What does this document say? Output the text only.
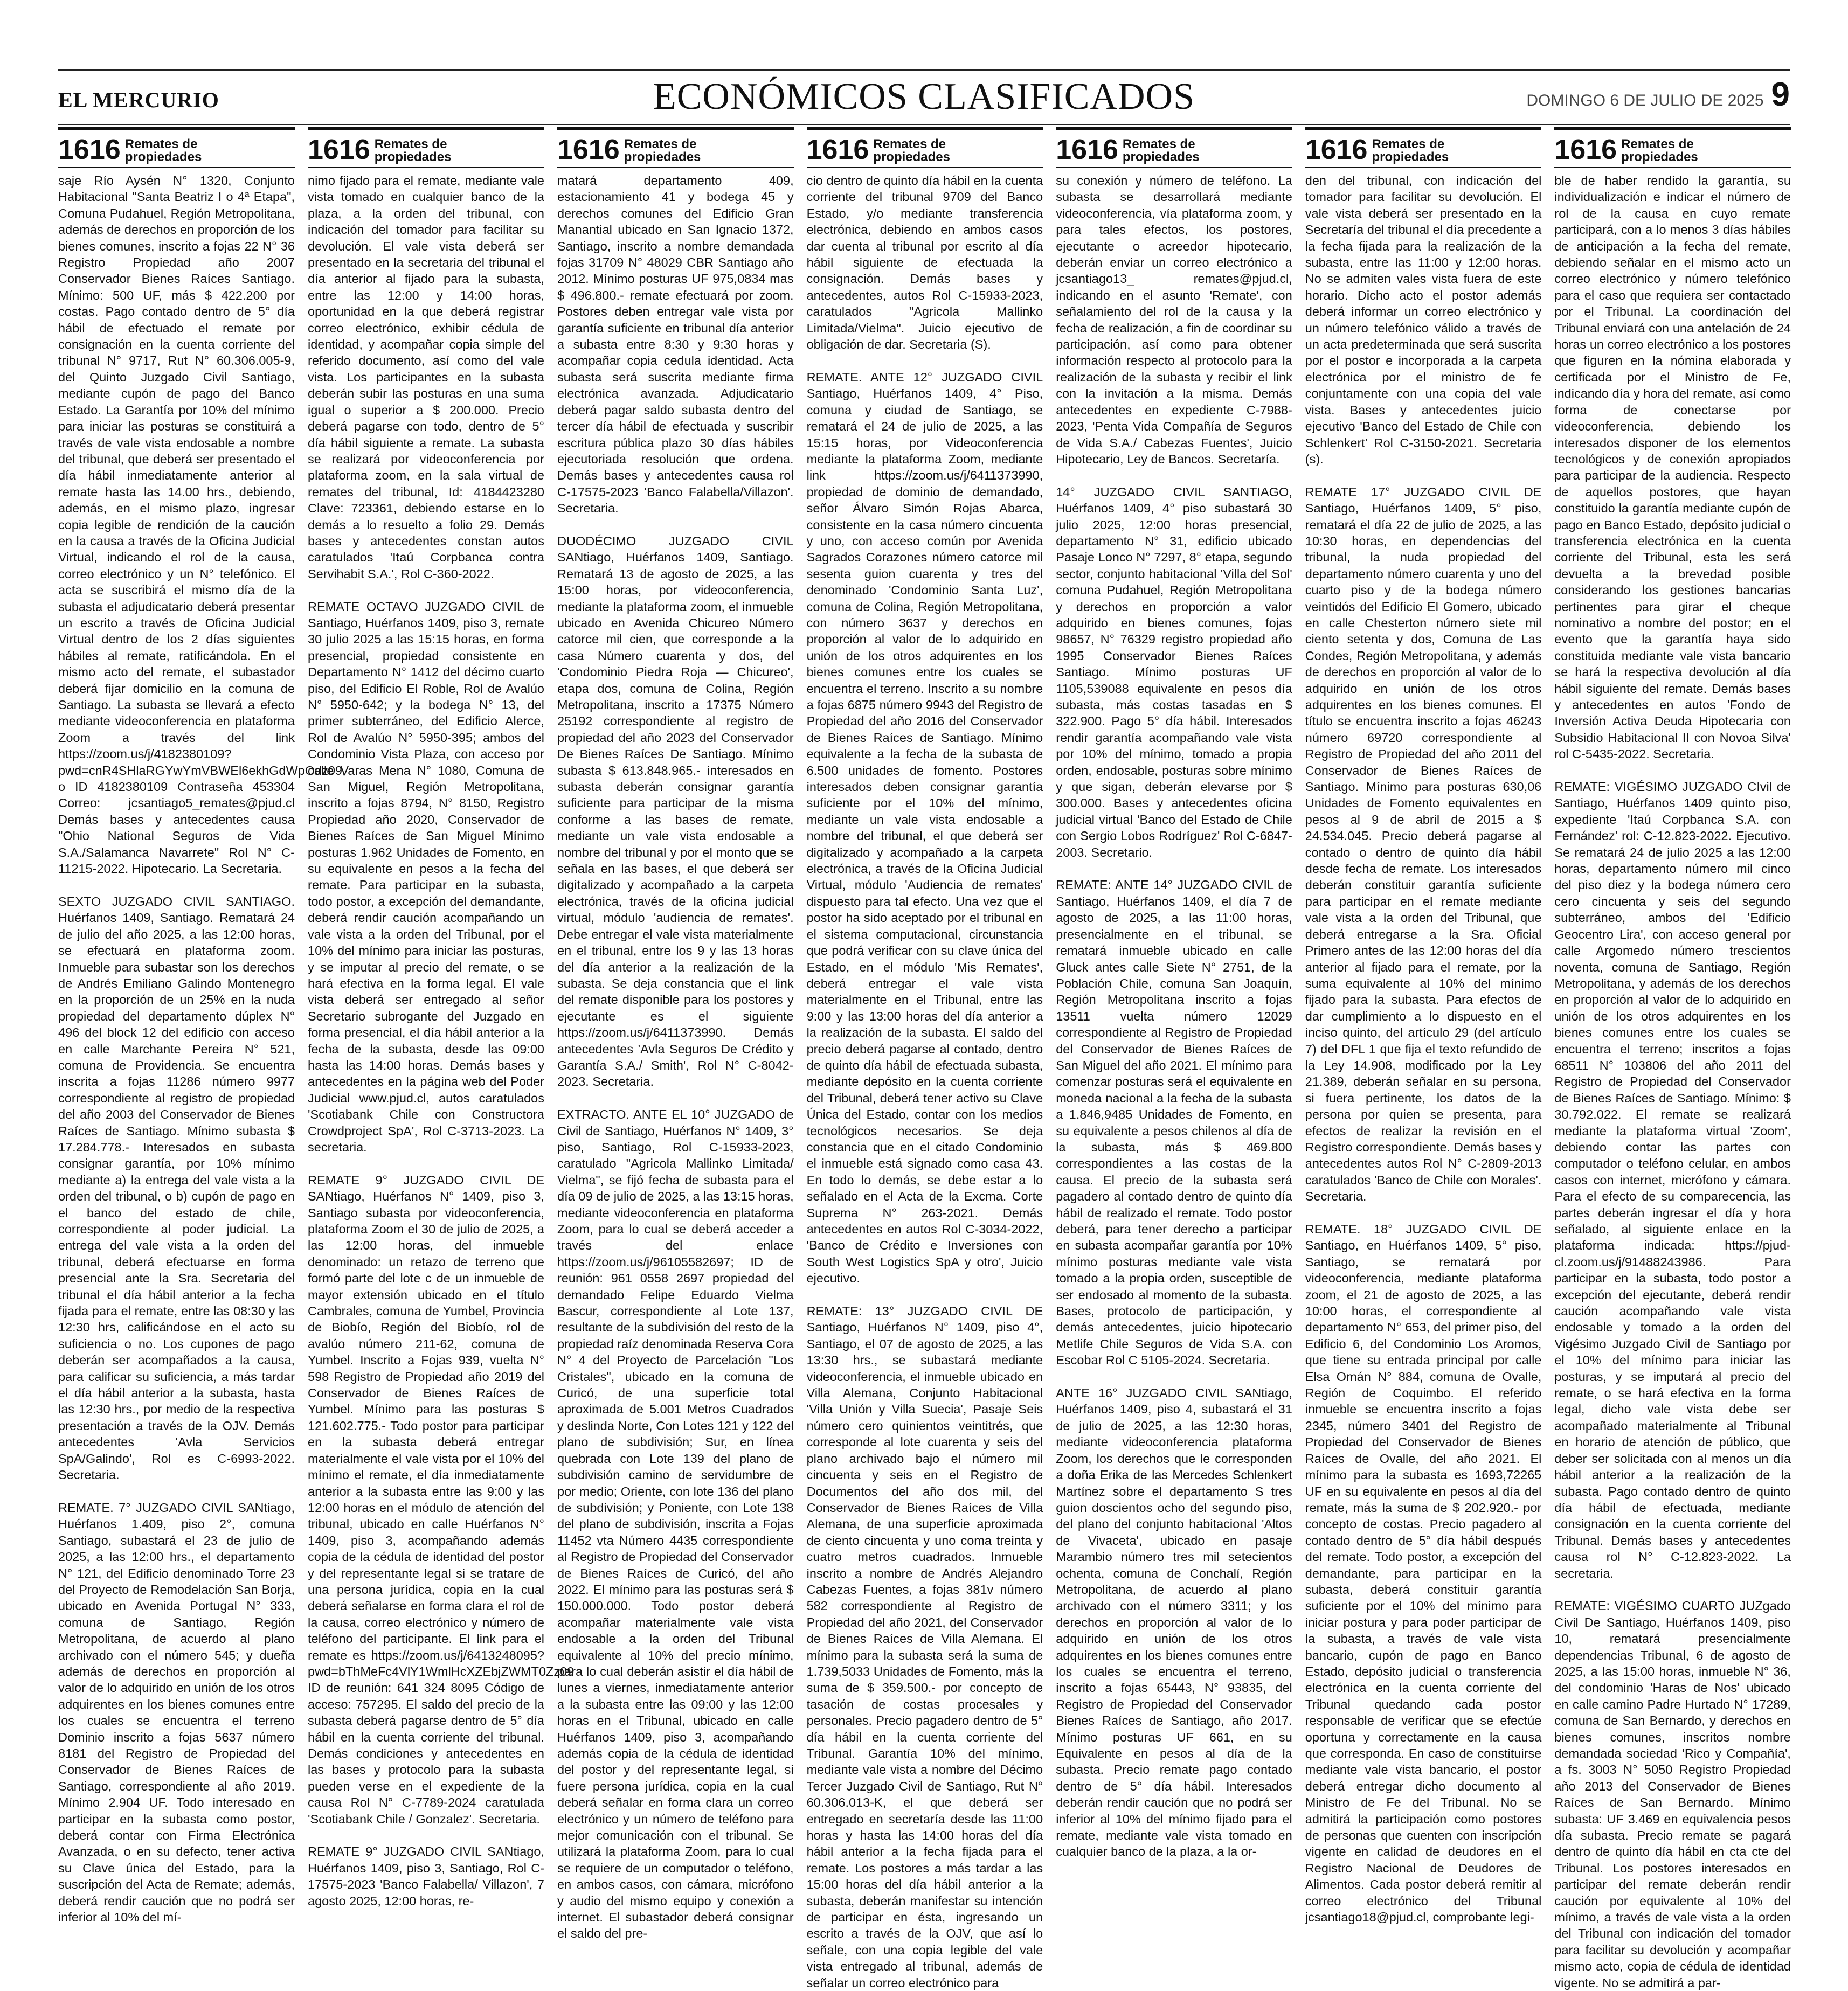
EL MERCURIO	ECONÓMICOS CLASIFICADOS	DOMINGO 6 DE JULIO DE 2025 9
1616 Remates de
propiedades

saje Río Aysén N° 1320, Conjunto Habitacional "Santa Beatriz I o 4ª Etapa", Comuna Pudahuel, Región Metropolitana, además de derechos en proporción de los bienes comunes, inscrito a fojas 22 N° 36 Registro Propiedad año 2007 Conservador Bienes Raíces Santiago. Mínimo: 500 UF, más $ 422.200 por costas. Pago contado dentro de 5° día hábil de efectuado el remate por consignación en la cuenta corriente del tribunal N° 9717, Rut N° 60.306.005-9, del Quinto Juzgado Civil Santiago, mediante cupón de pago del Banco Estado. La Garantía por 10% del mínimo para iniciar las posturas se constituirá a través de vale vista endosable a nombre del tribunal, que deberá ser presentado el día hábil inmediatamente anterior al remate hasta las 14.00 hrs., debiendo, además, en el mismo plazo, ingresar copia legible de rendición de la caución en la causa a través de la Oficina Judicial Virtual, indicando el rol de la causa, correo electrónico y un N° telefónico. El acta se suscribirá el mismo día de la subasta el adjudicatario deberá presentar un escrito a través de Oficina Judicial Virtual dentro de los 2 días siguientes hábiles al remate, ratificándola. En el mismo acto del remate, el subastador deberá fijar domicilio en la comuna de Santiago. La subasta se llevará a efecto mediante videoconferencia en plataforma Zoom a través del link https://zoom.us/j/4182380109?pwd=cnR4SHlaRGYwYmVBWEl6ekhGdWpOdz09, o ID 4182380109 Contraseña 453304 Correo: jcsantiago5_remates@pjud.cl Demás bases y antecedentes causa "Ohio National Seguros de Vida S.A./Salamanca Navarrete" Rol N° C-11215-2022. Hipotecario. La Secretaria.

SEXTO JUZGADO CIVIL SANTIAGO. Huérfanos 1409, Santiago. Rematará 24 de julio del año 2025, a las 12:00 horas, se efectuará en plataforma zoom. Inmueble para subastar son los derechos de Andrés Emiliano Galindo Montenegro en la proporción de un 25% en la nuda propiedad del departamento dúplex N° 496 del block 12 del edificio con acceso en calle Marchante Pereira N° 521, comuna de Providencia. Se encuentra inscrita a fojas 11286 número 9977 correspondiente al registro de propiedad del año 2003 del Conservador de Bienes Raíces de Santiago. Mínimo subasta $ 17.284.778.- Interesados en subasta consignar garantía, por 10% mínimo mediante a) la entrega del vale vista a la orden del tribunal, o b) cupón de pago en el banco del estado de chile, correspondiente al poder judicial. La entrega del vale vista a la orden del tribunal, deberá efectuarse en forma presencial ante la Sra. Secretaria del tribunal el día hábil anterior a la fecha fijada para el remate, entre las 08:30 y las 12:30 hrs, calificándose en el acto su suficiencia o no. Los cupones de pago deberán ser acompañados a la causa, para calificar su suficiencia, a más tardar el día hábil anterior a la subasta, hasta las 12:30 hrs., por medio de la respectiva presentación a través de la OJV. Demás antecedentes 'Avla Servicios SpA/Galindo', Rol es C-6993-2022. Secretaria.

REMATE. 7° JUZGADO CIVIL SANtiago, Huérfanos 1.409, piso 2°, comuna Santiago, subastará el 23 de julio de 2025, a las 12:00 hrs., el departamento N° 121, del Edificio denominado Torre 23 del Proyecto de Remodelación San Borja, ubicado en Avenida Portugal N° 333, comuna de Santiago, Región Metropolitana, de acuerdo al plano archivado con el número 545; y dueña además de derechos en proporción al valor de lo adquirido en unión de los otros adquirentes en los bienes comunes entre los cuales se encuentra el terreno Dominio inscrito a fojas 5637 número 8181 del Registro de Propiedad del Conservador de Bienes Raíces de Santiago, correspondiente al año 2019. Mínimo 2.904 UF. Todo interesado en participar en la subasta como postor, deberá contar con Firma Electrónica Avanzada, o en su defecto, tener activa su Clave única del Estado, para la suscripción del Acta de Remate; además, deberá rendir caución que no podrá ser inferior al 10% del mí-

1616 Remates de
propiedades

nimo fijado para el remate, mediante vale vista tomado en cualquier banco de la plaza, a la orden del tribunal, con indicación del tomador para facilitar su devolución. El vale vista deberá ser presentado en la secretaria del tribunal el día anterior al fijado para la subasta, entre las 12:00 y 14:00 horas, oportunidad en la que deberá registrar correo electrónico, exhibir cédula de identidad, y acompañar copia simple del referido documento, así como del vale vista. Los participantes en la subasta deberán subir las posturas en una suma igual o superior a $ 200.000. Precio deberá pagarse con todo, dentro de 5° día hábil siguiente a remate. La subasta se realizará por videoconferencia por plataforma zoom, en la sala virtual de remates del tribunal, Id: 4184423280 Clave: 723361, debiendo estarse en lo demás a lo resuelto a folio 29. Demás bases y antecedentes constan autos caratulados 'Itaú Corpbanca contra Servihabit S.A.', Rol C-360-2022.

REMATE OCTAVO JUZGADO CIVIL de Santiago, Huérfanos 1409, piso 3, remate 30 julio 2025 a las 15:15 horas, en forma presencial, propiedad consistente en Departamento N° 1412 del décimo cuarto piso, del Edificio El Roble, Rol de Avalúo N° 5950-642; y la bodega N° 13, del primer subterráneo, del Edificio Alerce, Rol de Avalúo N° 5950-395; ambos del Condominio Vista Plaza, con acceso por calle Varas Mena N° 1080, Comuna de San Miguel, Región Metropolitana, inscrito a fojas 8794, N° 8150, Registro Propiedad año 2020, Conservador de Bienes Raíces de San Miguel Mínimo posturas 1.962 Unidades de Fomento, en su equivalente en pesos a la fecha del remate. Para participar en la subasta, todo postor, a excepción del demandante, deberá rendir caución acompañando un vale vista a la orden del Tribunal, por el 10% del mínimo para iniciar las posturas, y se imputar al precio del remate, o se hará efectiva en la forma legal. El vale vista deberá ser entregado al señor Secretario subrogante del Juzgado en forma presencial, el día hábil anterior a la fecha de la subasta, desde las 09:00 hasta las 14:00 horas. Demás bases y antecedentes en la página web del Poder Judicial www.pjud.cl, autos caratulados 'Scotiabank Chile con Constructora Crowdproject SpA', Rol C-3713-2023. La secretaria.

REMATE 9° JUZGADO CIVIL DE SANtiago, Huérfanos N° 1409, piso 3, Santiago subasta por videoconferencia, plataforma Zoom el 30 de julio de 2025, a las 12:00 horas, del inmueble denominado: un retazo de terreno que formó parte del lote c de un inmueble de mayor extensión ubicado en el título Cambrales, comuna de Yumbel, Provincia de Biobío, Región del Biobío, rol de avalúo número 211-62, comuna de Yumbel. Inscrito a Fojas 939, vuelta N° 598 Registro de Propiedad año 2019 del Conservador de Bienes Raíces de Yumbel. Mínimo para las posturas $ 121.602.775.- Todo postor para participar en la subasta deberá entregar materialmente el vale vista por el 10% del mínimo el remate, el día inmediatamente anterior a la subasta entre las 9:00 y las 12:00 horas en el módulo de atención del tribunal, ubicado en calle Huérfanos N° 1409, piso 3, acompañando además copia de la cédula de identidad del postor y del representante legal si se tratare de una persona jurídica, copia en la cual deberá señalarse en forma clara el rol de la causa, correo electrónico y número de teléfono del participante. El link para el remate es https://zoom.us/j/6413248095?pwd=bThMeFc4VlY1WmlHcXZEbjZWMT0Zz09 ID de reunión: 641 324 8095 Código de acceso: 757295. El saldo del precio de la subasta deberá pagarse dentro de 5° día hábil en la cuenta corriente del tribunal. Demás condiciones y antecedentes en las bases y protocolo para la subasta pueden verse en el expediente de la causa Rol N° C-7789-2024 caratulada 'Scotiabank Chile / Gonzalez'. Secretaria.

REMATE 9° JUZGADO CIVIL SANtiago, Huérfanos 1409, piso 3, Santiago, Rol C-17575-2023 'Banco Falabella/ Villazon', 7 agosto 2025, 12:00 horas, re-

1616 Remates de
propiedades

matará departamento 409, estacionamiento 41 y bodega 45 y derechos comunes del Edificio Gran Manantial ubicado en San Ignacio 1372, Santiago, inscrito a nombre demandada fojas 31709 N° 48029 CBR Santiago año 2012. Mínimo posturas UF 975,0834 mas $ 496.800.- remate efectuará por zoom. Postores deben entregar vale vista por garantía suficiente en tribunal día anterior a subasta entre 8:30 y 9:30 horas y acompañar copia cedula identidad. Acta subasta será suscrita mediante firma electrónica avanzada. Adjudicatario deberá pagar saldo subasta dentro del tercer día hábil de efectuada y suscribir escritura pública plazo 30 días hábiles ejecutoriada resolución que ordena. Demás bases y antecedentes causa rol C-17575-2023 'Banco Falabella/Villazon'. Secretaria.

DUODÉCIMO JUZGADO CIVIL SANtiago, Huérfanos 1409, Santiago. Rematará 13 de agosto de 2025, a las 15:00 horas, por videoconferencia, mediante la plataforma zoom, el inmueble ubicado en Avenida Chicureo Número catorce mil cien, que corresponde a la casa Número cuarenta y dos, del 'Condominio Piedra Roja — Chicureo', etapa dos, comuna de Colina, Región Metropolitana, inscrito a 17375 Número 25192 correspondiente al registro de propiedad del año 2023 del Conservador De Bienes Raíces De Santiago. Mínimo subasta $ 613.848.965.- interesados en subasta deberán consignar garantía suficiente para participar de la misma conforme a las bases de remate, mediante un vale vista endosable a nombre del tribunal y por el monto que se señala en las bases, el que deberá ser digitalizado y acompañado a la carpeta electrónica, través de la oficina judicial virtual, módulo 'audiencia de remates'. Debe entregar el vale vista materialmente en el tribunal, entre los 9 y las 13 horas del día anterior a la realización de la subasta. Se deja constancia que el link del remate disponible para los postores y ejecutante es el siguiente https://zoom.us/j/6411373990. Demás antecedentes 'Avla Seguros De Crédito y Garantía S.A./ Smith', Rol N° C-8042-2023. Secretaria.

EXTRACTO. ANTE EL 10° JUZGADO de Civil de Santiago, Huérfanos N° 1409, 3° piso, Santiago, Rol C-15933-2023, caratulado "Agricola Mallinko Limitada/ Vielma", se fijó fecha de subasta para el día 09 de julio de 2025, a las 13:15 horas, mediante videoconferencia en plataforma Zoom, para lo cual se deberá acceder a través del enlace https://zoom.us/j/96105582697; ID de reunión: 961 0558 2697 propiedad del demandado Felipe Eduardo Vielma Bascur, correspondiente al Lote 137, resultante de la subdivisión del resto de la propiedad raíz denominada Reserva Cora N° 4 del Proyecto de Parcelación "Los Cristales", ubicado en la comuna de Curicó, de una superficie total aproximada de 5.001 Metros Cuadrados y deslinda Norte, Con Lotes 121 y 122 del plano de subdivisión; Sur, en línea quebrada con Lote 139 del plano de subdivisión camino de servidumbre de por medio; Oriente, con lote 136 del plano de subdivisión; y Poniente, con Lote 138 del plano de subdivisión, inscrita a Fojas 11452 vta Número 4435 correspondiente al Registro de Propiedad del Conservador de Bienes Raíces de Curicó, del año 2022. El mínimo para las posturas será $ 150.000.000. Todo postor deberá acompañar materialmente vale vista endosable a la orden del Tribunal equivalente al 10% del precio mínimo, para lo cual deberán asistir el día hábil de lunes a viernes, inmediatamente anterior a la subasta entre las 09:00 y las 12:00 horas en el Tribunal, ubicado en calle Huérfanos 1409, piso 3, acompañando además copia de la cédula de identidad del postor y del representante legal, si fuere persona jurídica, copia en la cual deberá señalar en forma clara un correo electrónico y un número de teléfono para mejor comunicación con el tribunal. Se utilizará la plataforma Zoom, para lo cual se requiere de un computador o teléfono, en ambos casos, con cámara, micrófono y audio del mismo equipo y conexión a internet. El subastador deberá consignar el saldo del pre-

1616 Remates de
propiedades

cio dentro de quinto día hábil en la cuenta corriente del tribunal 9709 del Banco Estado, y/o mediante transferencia electrónica, debiendo en ambos casos dar cuenta al tribunal por escrito al día hábil siguiente de efectuada la consignación. Demás bases y antecedentes, autos Rol C-15933-2023, caratulados "Agricola Mallinko Limitada/Vielma". Juicio ejecutivo de obligación de dar. Secretaria (S).

REMATE. ANTE 12° JUZGADO CIVIL Santiago, Huérfanos 1409, 4° Piso, comuna y ciudad de Santiago, se rematará el 24 de julio de 2025, a las 15:15 horas, por Videoconferencia mediante la plataforma Zoom, mediante link https://zoom.us/j/6411373990, propiedad de dominio de demandado, señor Álvaro Simón Rojas Abarca, consistente en la casa número cincuenta y uno, con acceso común por Avenida Sagrados Corazones número catorce mil sesenta guion cuarenta y tres del denominado 'Condominio Santa Luz', comuna de Colina, Región Metropolitana, con número 3637 y derechos en proporción al valor de lo adquirido en unión de los otros adquirentes en los bienes comunes entre los cuales se encuentra el terreno. Inscrito a su nombre a fojas 6875 número 9943 del Registro de Propiedad del año 2016 del Conservador de Bienes Raíces de Santiago. Mínimo equivalente a la fecha de la subasta de 6.500 unidades de fomento. Postores interesados deben consignar garantía suficiente por el 10% del mínimo, mediante un vale vista endosable a nombre del tribunal, el que deberá ser digitalizado y acompañado a la carpeta electrónica, a través de la Oficina Judicial Virtual, módulo 'Audiencia de remates' dispuesto para tal efecto. Una vez que el postor ha sido aceptado por el tribunal en el sistema computacional, circunstancia que podrá verificar con su clave única del Estado, en el módulo 'Mis Remates', deberá entregar el vale vista materialmente en el Tribunal, entre las 9:00 y las 13:00 horas del día anterior a la realización de la subasta. El saldo del precio deberá pagarse al contado, dentro de quinto día hábil de efectuada subasta, mediante depósito en la cuenta corriente del Tribunal, deberá tener activo su Clave Única del Estado, contar con los medios tecnológicos necesarios. Se deja constancia que en el citado Condominio el inmueble está signado como casa 43. En todo lo demás, se debe estar a lo señalado en el Acta de la Excma. Corte Suprema N° 263-2021. Demás antecedentes en autos Rol C-3034-2022, 'Banco de Crédito e Inversiones con South West Logistics SpA y otro', Juicio ejecutivo.

REMATE: 13° JUZGADO CIVIL DE Santiago, Huérfanos N° 1409, piso 4°, Santiago, el 07 de agosto de 2025, a las 13:30 hrs., se subastará mediante videoconferencia, el inmueble ubicado en Villa Alemana, Conjunto Habitacional 'Villa Unión y Villa Suecia', Pasaje Seis número cero quinientos veintitrés, que corresponde al lote cuarenta y seis del plano archivado bajo el número mil cincuenta y seis en el Registro de Documentos del año dos mil, del Conservador de Bienes Raíces de Villa Alemana, de una superficie aproximada de ciento cincuenta y uno coma treinta y cuatro metros cuadrados. Inmueble inscrito a nombre de Andrés Alejandro Cabezas Fuentes, a fojas 381v número 582 correspondiente al Registro de Propiedad del año 2021, del Conservador de Bienes Raíces de Villa Alemana. El mínimo para la subasta será la suma de 1.739,5033 Unidades de Fomento, más la suma de $ 359.500.- por concepto de tasación de costas procesales y personales. Precio pagadero dentro de 5° día hábil en la cuenta corriente del Tribunal. Garantía 10% del mínimo, mediante vale vista a nombre del Décimo Tercer Juzgado Civil de Santiago, Rut N° 60.306.013-K, el que deberá ser entregado en secretaría desde las 11:00 horas y hasta las 14:00 horas del día hábil anterior a la fecha fijada para el remate. Los postores a más tardar a las 15:00 horas del día hábil anterior a la subasta, deberán manifestar su intención de participar en ésta, ingresando un escrito a través de la OJV, que así lo señale, con una copia legible del vale vista entregado al tribunal, además de señalar un correo electrónico para

1616 Remates de
propiedades

su conexión y número de teléfono. La subasta se desarrollará mediante videoconferencia, vía plataforma zoom, y para tales efectos, los postores, ejecutante o acreedor hipotecario, deberán enviar un correo electrónico a jcsantiago13_ remates@pjud.cl, indicando en el asunto 'Remate', con señalamiento del rol de la causa y la fecha de realización, a fin de coordinar su participación, así como para obtener información respecto al protocolo para la realización de la subasta y recibir el link con la invitación a la misma. Demás antecedentes en expediente C-7988-2023, 'Penta Vida Compañía de Seguros de Vida S.A./ Cabezas Fuentes', Juicio Hipotecario, Ley de Bancos. Secretaría.

14° JUZGADO CIVIL SANTIAGO, Huérfanos 1409, 4° piso subastará 30 julio 2025, 12:00 horas presencial, departamento N° 31, edificio ubicado Pasaje Lonco N° 7297, 8° etapa, segundo sector, conjunto habitacional 'Villa del Sol' comuna Pudahuel, Región Metropolitana y derechos en proporción a valor adquirido en bienes comunes, fojas 98657, N° 76329 registro propiedad año 1995 Conservador Bienes Raíces Santiago. Mínimo posturas UF 1105,539088 equivalente en pesos día subasta, más costas tasadas en $ 322.900. Pago 5° día hábil. Interesados rendir garantía acompañando vale vista por 10% del mínimo, tomado a propia orden, endosable, posturas sobre mínimo y que sigan, deberán elevarse por $ 300.000. Bases y antecedentes oficina judicial virtual 'Banco del Estado de Chile con Sergio Lobos Rodríguez' Rol C-6847-2003. Secretario.

REMATE: ANTE 14° JUZGADO CIVIL de Santiago, Huérfanos 1409, el día 7 de agosto de 2025, a las 11:00 horas, presencialmente en el tribunal, se rematará inmueble ubicado en calle Gluck antes calle Siete N° 2751, de la Población Chile, comuna San Joaquín, Región Metropolitana inscrito a fojas 13511 vuelta número 12029 correspondiente al Registro de Propiedad del Conservador de Bienes Raíces de San Miguel del año 2021. El mínimo para comenzar posturas será el equivalente en moneda nacional a la fecha de la subasta a 1.846,9485 Unidades de Fomento, en su equivalente a pesos chilenos al día de la subasta, más $ 469.800 correspondientes a las costas de la causa. El precio de la subasta será pagadero al contado dentro de quinto día hábil de realizado el remate. Todo postor deberá, para tener derecho a participar en subasta acompañar garantía por 10% mínimo posturas mediante vale vista tomado a la propia orden, susceptible de ser endosado al momento de la subasta. Bases, protocolo de participación, y demás antecedentes, juicio hipotecario Metlife Chile Seguros de Vida S.A. con Escobar Rol C 5105-2024. Secretaria.

ANTE 16° JUZGADO CIVIL SANtiago, Huérfanos 1409, piso 4, subastará el 31 de julio de 2025, a las 12:30 horas, mediante videoconferencia plataforma Zoom, los derechos que le corresponden a doña Erika de las Mercedes Schlenkert Martínez sobre el departamento S tres guion doscientos ocho del segundo piso, del plano del conjunto habitacional 'Altos de Vivaceta', ubicado en pasaje Marambio número tres mil setecientos ochenta, comuna de Conchalí, Región Metropolitana, de acuerdo al plano archivado con el número 3311; y los derechos en proporción al valor de lo adquirido en unión de los otros adquirentes en los bienes comunes entre los cuales se encuentra el terreno, inscrito a fojas 65443, N° 93835, del Registro de Propiedad del Conservador Bienes Raíces de Santiago, año 2017. Mínimo posturas UF 661, en su Equivalente en pesos al día de la subasta. Precio remate pago contado dentro de 5° día hábil. Interesados deberán rendir caución que no podrá ser inferior al 10% del mínimo fijado para el remate, mediante vale vista tomado en cualquier banco de la plaza, a la or-

1616 Remates de
propiedades

den del tribunal, con indicación del tomador para facilitar su devolución. El vale vista deberá ser presentado en la Secretaría del tribunal el día precedente a la fecha fijada para la realización de la subasta, entre las 11:00 y 12:00 horas. No se admiten vales vista fuera de este horario. Dicho acto el postor además deberá informar un correo electrónico y un número telefónico válido a través de un acta predeterminada que será suscrita por el postor e incorporada a la carpeta electrónica por el ministro de fe conjuntamente con una copia del vale vista. Bases y antecedentes juicio ejecutivo 'Banco del Estado de Chile con Schlenkert' Rol C-3150-2021. Secretaria (s).

REMATE 17° JUZGADO CIVIL DE Santiago, Huérfanos 1409, 5° piso, rematará el día 22 de julio de 2025, a las 10:30 horas, en dependencias del tribunal, la nuda propiedad del departamento número cuarenta y uno del cuarto piso y de la bodega número veintidós del Edificio El Gomero, ubicado en calle Chesterton número siete mil ciento setenta y dos, Comuna de Las Condes, Región Metropolitana, y además de derechos en proporción al valor de lo adquirido en unión de los otros adquirentes en los bienes comunes. El título se encuentra inscrito a fojas 46243 número 69720 correspondiente al Registro de Propiedad del año 2011 del Conservador de Bienes Raíces de Santiago. Mínimo para posturas 630,06 Unidades de Fomento equivalentes en pesos al 9 de abril de 2015 a $ 24.534.045. Precio deberá pagarse al contado o dentro de quinto día hábil desde fecha de remate. Los interesados deberán constituir garantía suficiente para participar en el remate mediante vale vista a la orden del Tribunal, que deberá entregarse a la Sra. Oficial Primero antes de las 12:00 horas del día anterior al fijado para el remate, por la suma equivalente al 10% del mínimo fijado para la subasta. Para efectos de dar cumplimiento a lo dispuesto en el inciso quinto, del artículo 29 (del artículo 7) del DFL 1 que fija el texto refundido de la Ley 14.908, modificado por la Ley 21.389, deberán señalar en su persona, si fuera pertinente, los datos de la persona por quien se presenta, para efectos de realizar la revisión en el Registro correspondiente. Demás bases y antecedentes autos Rol N° C-2809-2013 caratulados 'Banco de Chile con Morales'. Secretaria.

REMATE. 18° JUZGADO CIVIL DE Santiago, en Huérfanos 1409, 5° piso, Santiago, se rematará por videoconferencia, mediante plataforma zoom, el 21 de agosto de 2025, a las 10:00 horas, el correspondiente al departamento N° 653, del primer piso, del Edificio 6, del Condominio Los Aromos, que tiene su entrada principal por calle Elsa Omán N° 884, comuna de Ovalle, Región de Coquimbo. El referido inmueble se encuentra inscrito a fojas 2345, número 3401 del Registro de Propiedad del Conservador de Bienes Raíces de Ovalle, del año 2021. El mínimo para la subasta es 1693,72265 UF en su equivalente en pesos al día del remate, más la suma de $ 202.920.- por concepto de costas. Precio pagadero al contado dentro de 5° día hábil después del remate. Todo postor, a excepción del demandante, para participar en la subasta, deberá constituir garantía suficiente por el 10% del mínimo para iniciar postura y para poder participar de la subasta, a través de vale vista bancario, cupón de pago en Banco Estado, depósito judicial o transferencia electrónica en la cuenta corriente del Tribunal quedando cada postor responsable de verificar que se efectúe oportuna y correctamente en la causa que corresponda. En caso de constituirse mediante vale vista bancario, el postor deberá entregar dicho documento al Ministro de Fe del Tribunal. No se admitirá la participación como postores de personas que cuenten con inscripción vigente en calidad de deudores en el Registro Nacional de Deudores de Alimentos. Cada postor deberá remitir al correo electrónico del Tribunal jcsantiago18@pjud.cl, comprobante legi-

1616 Remates de
propiedades

ble de haber rendido la garantía, su individualización e indicar el número de rol de la causa en cuyo remate participará, con a lo menos 3 días hábiles de anticipación a la fecha del remate, debiendo señalar en el mismo acto un correo electrónico y número telefónico para el caso que requiera ser contactado por el Tribunal. La coordinación del Tribunal enviará con una antelación de 24 horas un correo electrónico a los postores que figuren en la nómina elaborada y certificada por el Ministro de Fe, indicando día y hora del remate, así como forma de conectarse por videoconferencia, debiendo los interesados disponer de los elementos tecnológicos y de conexión apropiados para participar de la audiencia. Respecto de aquellos postores, que hayan constituido la garantía mediante cupón de pago en Banco Estado, depósito judicial o transferencia electrónica en la cuenta corriente del Tribunal, esta les será devuelta a la brevedad posible considerando los gestiones bancarias pertinentes para girar el cheque nominativo a nombre del postor; en el evento que la garantía haya sido constituida mediante vale vista bancario se hará la respectiva devolución al día hábil siguiente del remate. Demás bases y antecedentes en autos 'Fondo de Inversión Activa Deuda Hipotecaria con Subsidio Habitacional II con Novoa Silva' rol C-5435-2022. Secretaria.

REMATE: VIGÉSIMO JUZGADO CIvil de Santiago, Huérfanos 1409 quinto piso, expediente 'Itaú Corpbanca S.A. con Fernández' rol: C-12.823-2022. Ejecutivo. Se rematará 24 de julio 2025 a las 12:00 horas, departamento número mil cinco del piso diez y la bodega número cero cero cincuenta y seis del segundo subterráneo, ambos del 'Edificio Geocentro Lira', con acceso general por calle Argomedo número trescientos noventa, comuna de Santiago, Región Metropolitana, y además de los derechos en proporción al valor de lo adquirido en unión de los otros adquirentes en los bienes comunes entre los cuales se encuentra el terreno; inscritos a fojas 68511 N° 103806 del año 2011 del Registro de Propiedad del Conservador de Bienes Raíces de Santiago. Mínimo: $ 30.792.022. El remate se realizará mediante la plataforma virtual 'Zoom', debiendo contar las partes con computador o teléfono celular, en ambos casos con internet, micrófono y cámara. Para el efecto de su comparecencia, las partes deberán ingresar el día y hora señalado, al siguiente enlace en la plataforma indicada: https://pjud-cl.zoom.us/j/91488243986. Para participar en la subasta, todo postor a excepción del ejecutante, deberá rendir caución acompañando vale vista endosable y tomado a la orden del Vigésimo Juzgado Civil de Santiago por el 10% del mínimo para iniciar las posturas, y se imputará al precio del remate, o se hará efectiva en la forma legal, dicho vale vista debe ser acompañado materialmente al Tribunal en horario de atención de público, que deber ser solicitada con al menos un día hábil anterior a la realización de la subasta. Pago contado dentro de quinto día hábil de efectuada, mediante consignación en la cuenta corriente del Tribunal. Demás bases y antecedentes causa rol N° C-12.823-2022. La secretaria.

REMATE: VIGÉSIMO CUARTO JUZgado Civil De Santiago, Huérfanos 1409, piso 10, rematará presencialmente dependencias Tribunal, 6 de agosto de 2025, a las 15:00 horas, inmueble N° 36, del condominio 'Haras de Nos' ubicado en calle camino Padre Hurtado N° 17289, comuna de San Bernardo, y derechos en bienes comunes, inscritos nombre demandada sociedad 'Rico y Compañía', a fs. 3003 N° 5050 Registro Propiedad año 2013 del Conservador de Bienes Raíces de San Bernardo. Mínimo subasta: UF 3.469 en equivalencia pesos día subasta. Precio remate se pagará dentro de quinto día hábil en cta cte del Tribunal. Los postores interesados en participar del remate deberán rendir caución por equivalente al 10% del mínimo, a través de vale vista a la orden del Tribunal con indicación del tomador para facilitar su devolución y acompañar mismo acto, copia de cédula de identidad vigente. No se admitirá a par-
